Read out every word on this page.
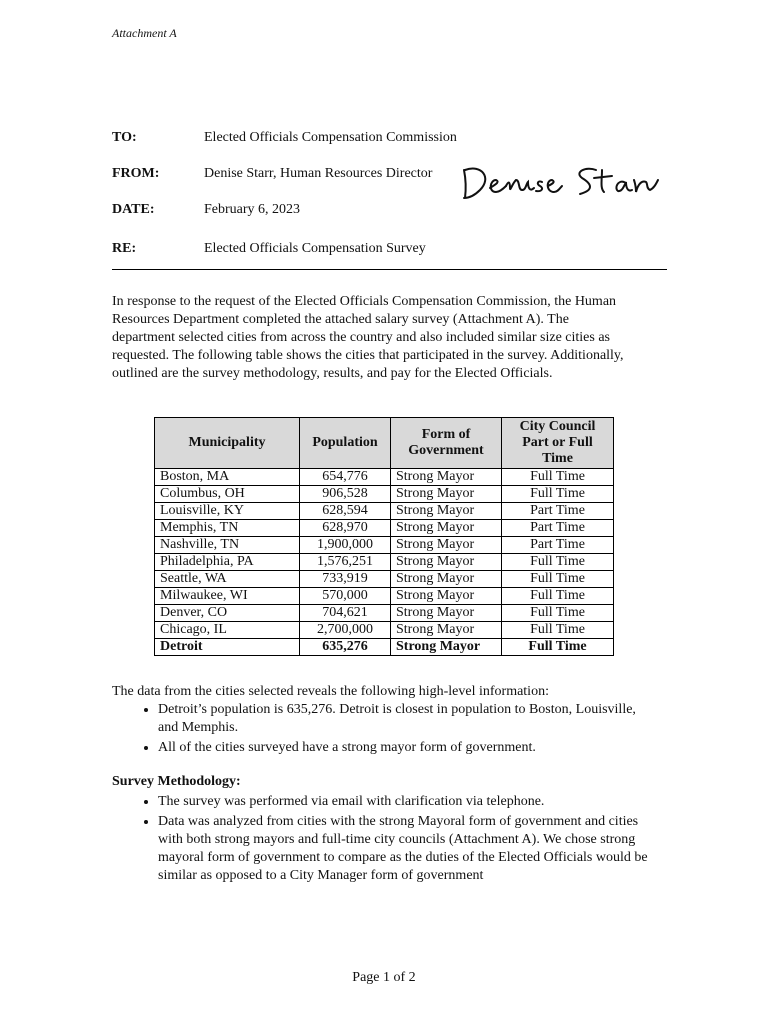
Attachment A
TO:	Elected Officials Compensation Commission
FROM:	Denise Starr, Human Resources Director
DATE:	February 6, 2023
RE:	Elected Officials Compensation Survey
In response to the request of the Elected Officials Compensation Commission, the Human Resources Department completed the attached salary survey (Attachment A). The department selected cities from across the country and also included similar size cities as requested. The following table shows the cities that participated in the survey. Additionally, outlined are the survey methodology, results, and pay for the Elected Officials.
Municipality	Population	Form of Government	City Council Part or Full Time
Boston, MA	654,776	Strong Mayor	Full Time
Columbus, OH	906,528	Strong Mayor	Full Time
Louisville, KY	628,594	Strong Mayor	Part Time
Memphis, TN	628,970	Strong Mayor	Part Time
Nashville, TN	1,900,000	Strong Mayor	Part Time
Philadelphia, PA	1,576,251	Strong Mayor	Full Time
Seattle, WA	733,919	Strong Mayor	Full Time
Milwaukee, WI	570,000	Strong Mayor	Full Time
Denver, CO	704,621	Strong Mayor	Full Time
Chicago, IL	2,700,000	Strong Mayor	Full Time
Detroit	635,276	Strong Mayor	Full Time
The data from the cities selected reveals the following high-level information:
• Detroit’s population is 635,276. Detroit is closest in population to Boston, Louisville, and Memphis.
• All of the cities surveyed have a strong mayor form of government.
Survey Methodology:
• The survey was performed via email with clarification via telephone.
• Data was analyzed from cities with the strong Mayoral form of government and cities with both strong mayors and full-time city councils (Attachment A). We chose strong mayoral form of government to compare as the duties of the Elected Officials would be similar as opposed to a City Manager form of government
Page 1 of 2
